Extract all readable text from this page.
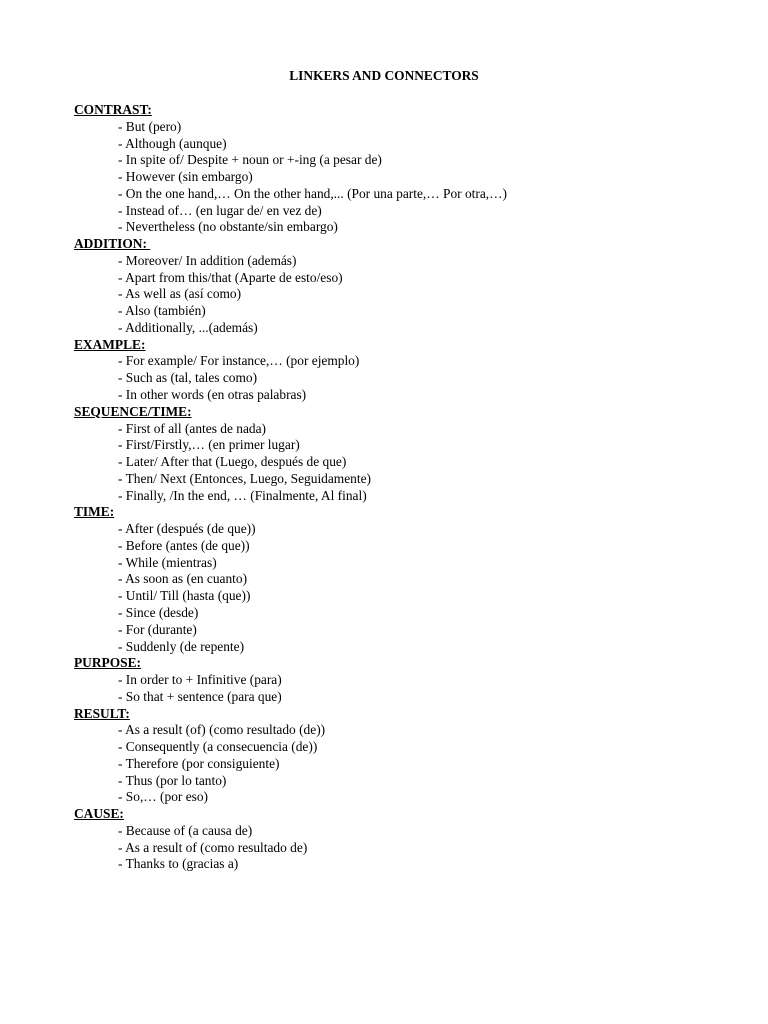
LINKERS AND CONNECTORS
CONTRAST:
- But (pero)
- Although (aunque)
- In spite of/ Despite + noun or +-ing (a pesar de)
- However (sin embargo)
- On the one hand,… On the other hand,... (Por una parte,… Por otra,…)
- Instead of… (en lugar de/ en vez de)
- Nevertheless (no obstante/sin embargo)
ADDITION:
- Moreover/ In addition (además)
- Apart from this/that (Aparte de esto/eso)
- As well as (así como)
- Also (también)
- Additionally, ...(además)
EXAMPLE:
- For example/ For instance,… (por ejemplo)
- Such as (tal, tales como)
- In other words (en otras palabras)
SEQUENCE/TIME:
- First of all (antes de nada)
- First/Firstly,… (en primer lugar)
- Later/ After that (Luego, después de que)
- Then/ Next (Entonces, Luego, Seguidamente)
- Finally, /In the end, … (Finalmente, Al final)
TIME:
- After (después (de que))
- Before (antes (de que))
- While (mientras)
- As soon as (en cuanto)
- Until/ Till (hasta (que))
- Since (desde)
- For (durante)
- Suddenly (de repente)
PURPOSE:
- In order to + Infinitive (para)
- So that + sentence (para que)
RESULT:
- As a result (of) (como resultado (de))
- Consequently (a consecuencia (de))
- Therefore (por consiguiente)
- Thus (por lo tanto)
- So,… (por eso)
CAUSE:
- Because of (a causa de)
- As a result of (como resultado de)
- Thanks to (gracias a)
